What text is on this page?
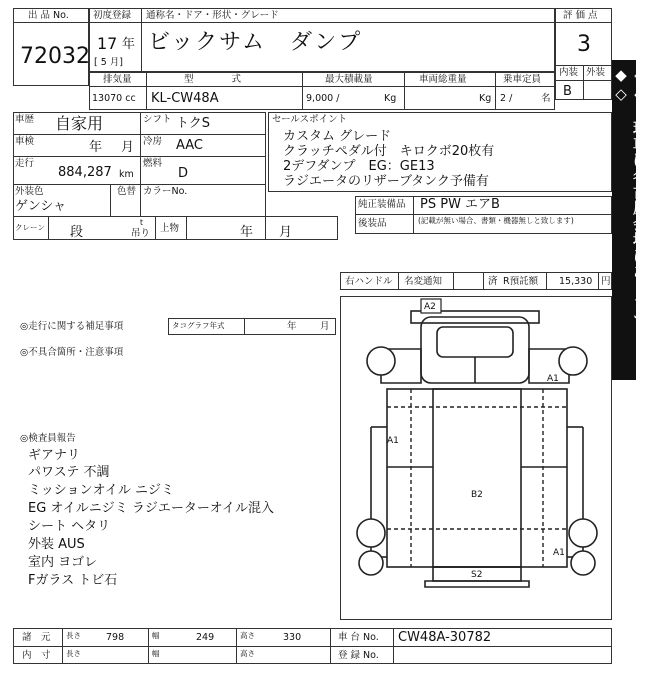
出 品 No.
72032
初度登録 通称名・ドア・形状・グレード
17 年
[ 5 月]
ビックサム　ダンプ
評 価 点
3
内装 外装
B
排気量	型　　　　式	最大積載量	車両総重量	乗車定員
13070 cc KL-CW48A	9,000 /	Kg	Kg 2 /	名
車歴 自家用	シフト トクS
車検	年 月 冷房 AAC
走行
884,287 km
燃料
D
外装色
ゲンシャ
色替 カラーNo.
クレーン 段
t
吊り 上物	年 月
セールスポイント
カスタム グレード
クラッチペダル付　キロクボ20枚有
2デフダンプ　EG：GE13
ラジエータのリザーブタンク予備有
純正装備品 PS PW エアB
後装品	(記載が無い場合、書類・機器無しと致します)
右ハンドル 名変通知	済 R預託額 15,330 円
◎走行に関する補足事項	タコグラフ年式	年 月
◎不具合箇所・注意事項
◎検査員報告
ギアナリ
パワステ 不調
ミッションオイル ニジミ
EG オイルニジミ ラジエーターオイル混入
シート ヘタリ
外装 AUS
室内 ヨゴレ
Fガラス トビ石
A2
A1
A1
B2
A1
S2
◇◆　現車は名古屋会場にあります　◆◇
諸　元 長さ	798	幅	249	高さ	330	車 台 No. CW48A-30782
内　寸 長さ	幅	高さ	登 録 No.
